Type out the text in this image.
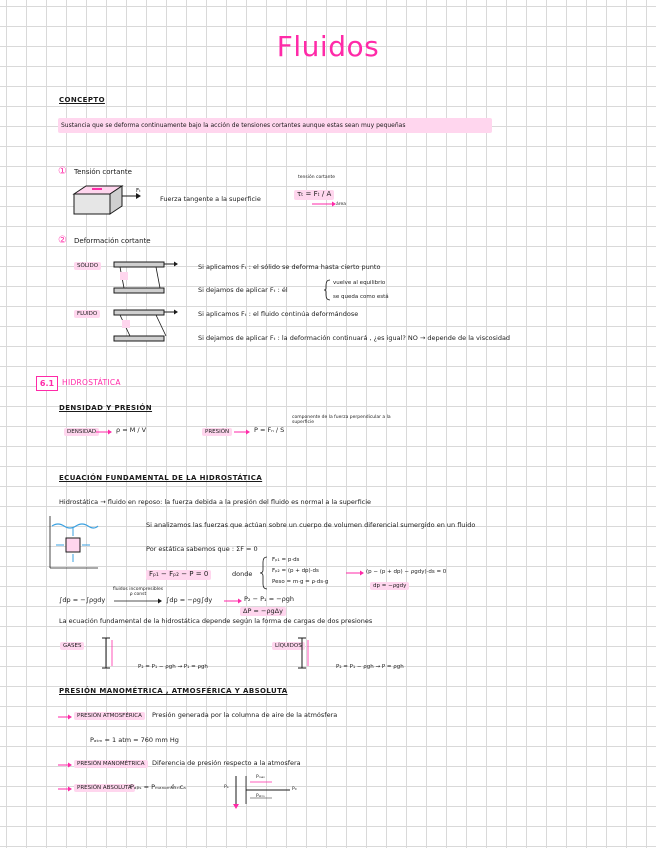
Fluidos
CONCEPTO
Sustancia que se deforma continuamente bajo la acción de tensiones cortantes aunque estas sean muy pequeñas
① Tensión cortante
Fₜ
Fuerza tangente a la superficie
τₜ = Fₜ / A
tensión cortante
área
② Deformación cortante
SÓLIDO
FLUIDO
Si aplicamos Fₜ : el sólido se deforma hasta cierto punto
Si dejamos de aplicar Fₜ : él
vuelve al equilibrio
se queda como está
Si aplicamos Fₜ : el fluido continúa deformándose
Si dejamos de aplicar Fₜ : la deformación continuará , ¿es igual? NO → depende de la viscosidad
6.1	HIDROSTÁTICA
DENSIDAD Y PRESIÓN
DENSIDAD	ρ = M / V	PRESIÓN	P = Fₙ / S
componente de la fuerza perpendicular a la superficie
ECUACIÓN FUNDAMENTAL DE LA HIDROSTÁTICA
Hidrostática → fluido en reposo: la fuerza debida a la presión del fluido es normal a la superficie
Si analizamos las fuerzas que actúan sobre un cuerpo de volumen diferencial sumergido en un fluido
Por estática sabemos que : ΣF = 0
Fₚ₁ − Fₚ₂ − P = 0	donde
Fₚ₁ = p·ds
Fₚ₂ = (p + dp)·ds
Peso = m·g = ρ·ds·g
(p − (p + dp) − ρgdy)·ds = 0
dp = −ρgdy
∫dp = −∫ρgdy
fluidos incompresibles ρ const
∫dp = −ρg∫dy	P₂ − P₁ = −ρgh
ΔP = −ρgΔy
La ecuación fundamental de la hidrostática depende según la forma de cargas de dos presiones
GASES
P₂ = P₁ − ρgh → P₁ = ρgh
LÍQUIDOS
P₂ = P₁ − ρgh → P = ρgh
PRESIÓN MANOMÉTRICA , ATMOSFÉRICA Y ABSOLUTA
PRESIÓN ATMOSFÉRICA	Presión generada por la columna de aire de la atmósfera
Pₐₜₘ = 1 atm = 760 mm Hg
PRESIÓN MANOMÉTRICA	Diferencia de presión respecto a la atmosfera
PRESIÓN ABSOLUTA
Pₐᵦₛ = Pₘₐₙₒₘéₜᵣᵢcₐ
Pₘₐₙ
Pₐₜₘ
Pₐ	P₀
